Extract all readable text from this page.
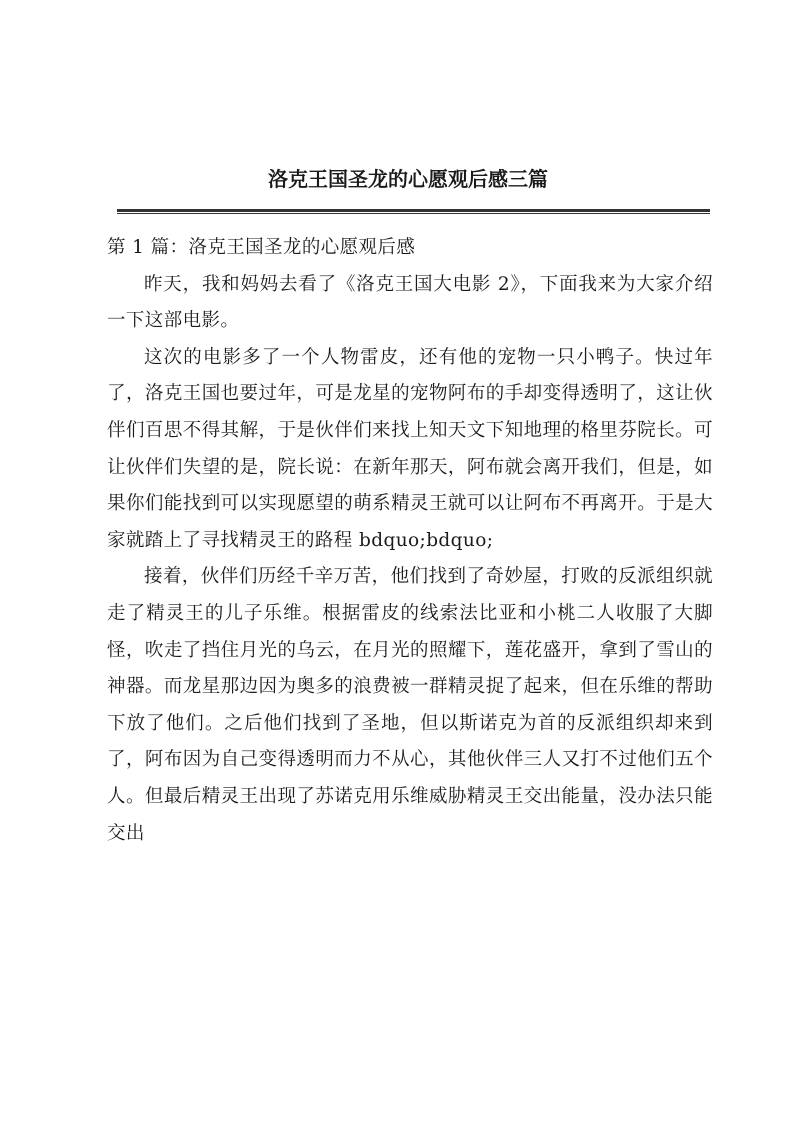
洛克王国圣龙的心愿观后感三篇

第 1 篇：洛克王国圣龙的心愿观后感

昨天，我和妈妈去看了《洛克王国大电影 2》，下面我来为大家介绍一下这部电影。

这次的电影多了一个人物雷皮，还有他的宠物一只小鸭子。快过年了，洛克王国也要过年，可是龙星的宠物阿布的手却变得透明了，这让伙伴们百思不得其解，于是伙伴们来找上知天文下知地理的格里芬院长。可让伙伴们失望的是，院长说：在新年那天，阿布就会离开我们，但是，如果你们能找到可以实现愿望的萌系精灵王就可以让阿布不再离开。于是大家就踏上了寻找精灵王的路程 bdquo;bdquo;

接着，伙伴们历经千辛万苦，他们找到了奇妙屋，打败的反派组织就走了精灵王的儿子乐维。根据雷皮的线索法比亚和小桃二人收服了大脚怪，吹走了挡住月光的乌云，在月光的照耀下，莲花盛开，拿到了雪山的神器。而龙星那边因为奥多的浪费被一群精灵捉了起来，但在乐维的帮助下放了他们。之后他们找到了圣地，但以斯诺克为首的反派组织却来到了，阿布因为自己变得透明而力不从心，其他伙伴三人又打不过他们五个人。但最后精灵王出现了苏诺克用乐维威胁精灵王交出能量，没办法只能交出
